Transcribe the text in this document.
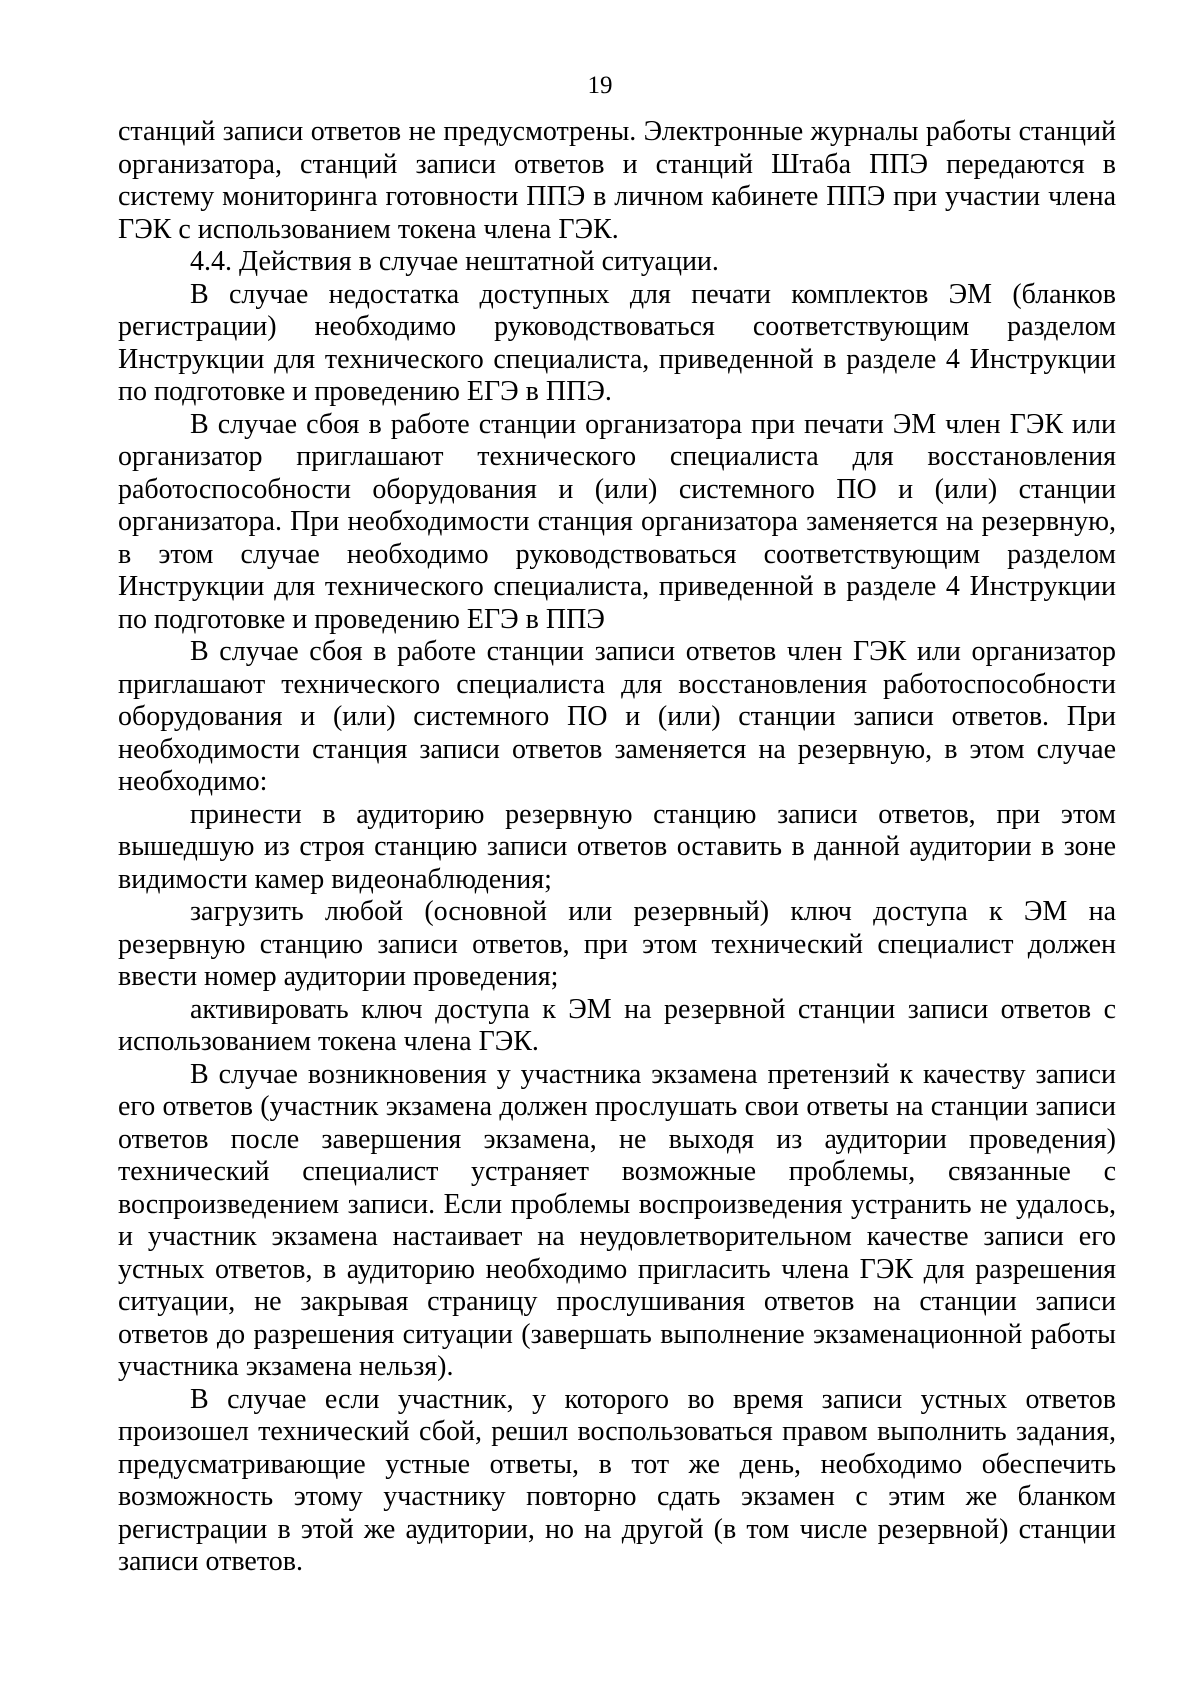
19

станций записи ответов не предусмотрены. Электронные журналы работы станций организатора, станций записи ответов и станций Штаба ППЭ передаются в систему мониторинга готовности ППЭ в личном кабинете ППЭ при участии члена ГЭК с использованием токена члена ГЭК.

4.4. Действия в случае нештатной ситуации.

В случае недостатка доступных для печати комплектов ЭМ (бланков регистрации) необходимо руководствоваться соответствующим разделом Инструкции для технического специалиста, приведенной в разделе 4 Инструкции по подготовке и проведению ЕГЭ в ППЭ.

В случае сбоя в работе станции организатора при печати ЭМ член ГЭК или организатор приглашают технического специалиста для восстановления работоспособности оборудования и (или) системного ПО и (или) станции организатора. При необходимости станция организатора заменяется на резервную, в этом случае необходимо руководствоваться соответствующим разделом Инструкции для технического специалиста, приведенной в разделе 4 Инструкции по подготовке и проведению ЕГЭ в ППЭ

В случае сбоя в работе станции записи ответов член ГЭК или организатор приглашают технического специалиста для восстановления работоспособности оборудования и (или) системного ПО и (или) станции записи ответов. При необходимости станция записи ответов заменяется на резервную, в этом случае необходимо:

принести в аудиторию резервную станцию записи ответов, при этом вышедшую из строя станцию записи ответов оставить в данной аудитории в зоне видимости камер видеонаблюдения;

загрузить любой (основной или резервный) ключ доступа к ЭМ на резервную станцию записи ответов, при этом технический специалист должен ввести номер аудитории проведения;

активировать ключ доступа к ЭМ на резервной станции записи ответов с использованием токена члена ГЭК.

В случае возникновения у участника экзамена претензий к качеству записи его ответов (участник экзамена должен прослушать свои ответы на станции записи ответов после завершения экзамена, не выходя из аудитории проведения) технический специалист устраняет возможные проблемы, связанные с воспроизведением записи. Если проблемы воспроизведения устранить не удалось, и участник экзамена настаивает на неудовлетворительном качестве записи его устных ответов, в аудиторию необходимо пригласить члена ГЭК для разрешения ситуации, не закрывая страницу прослушивания ответов на станции записи ответов до разрешения ситуации (завершать выполнение экзаменационной работы участника экзамена нельзя).

В случае если участник, у которого во время записи устных ответов произошел технический сбой, решил воспользоваться правом выполнить задания, предусматривающие устные ответы, в тот же день, необходимо обеспечить возможность этому участнику повторно сдать экзамен с этим же бланком регистрации в этой же аудитории, но на другой (в том числе резервной) станции записи ответов.
